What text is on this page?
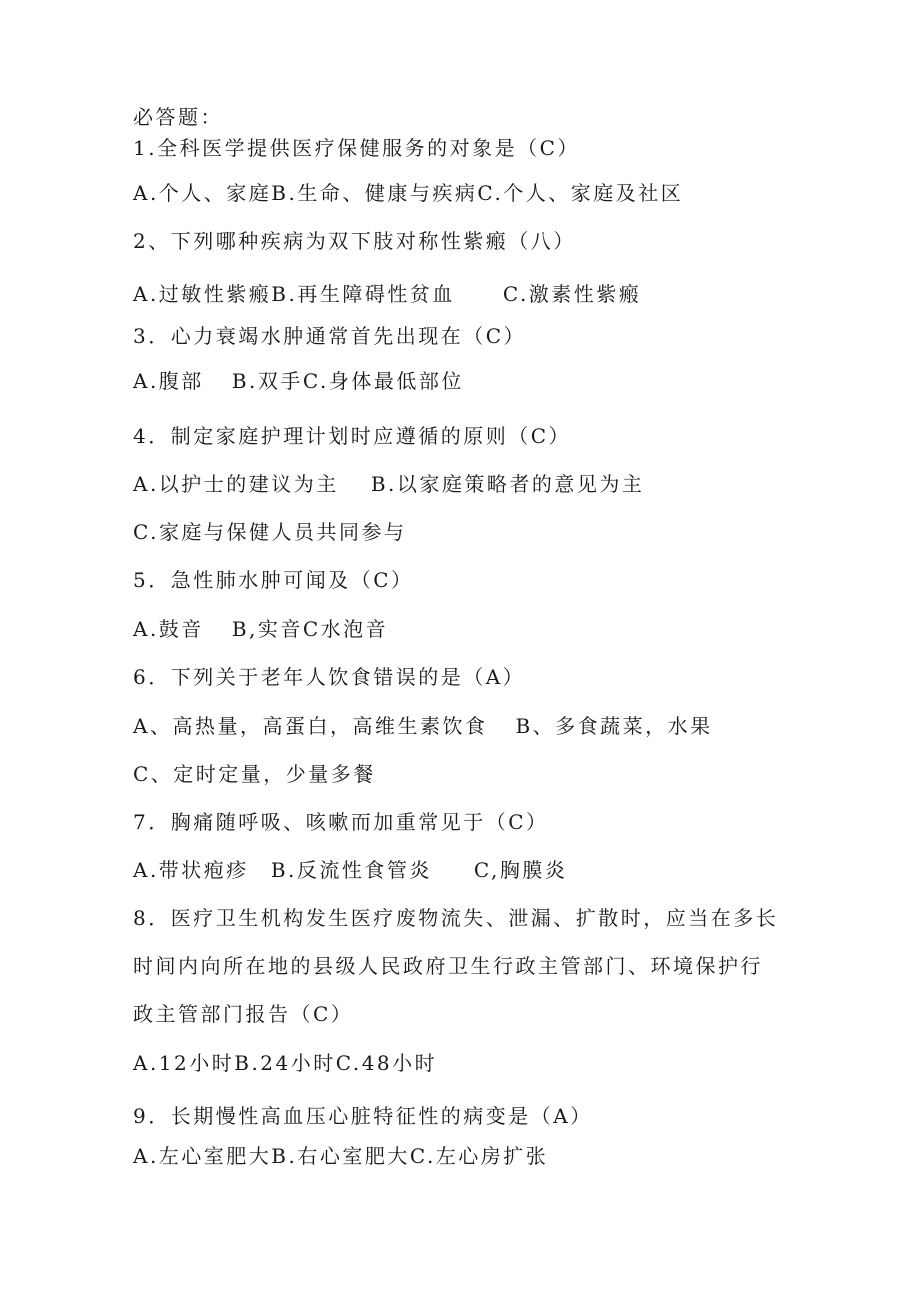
必答题：

1.全科医学提供医疗保健服务的对象是（C）

A.个人、家庭B.生命、健康与疾病C.个人、家庭及社区

2、下列哪种疾病为双下肢对称性紫瘢（八）

A.过敏性紫瘢B.再生障碍性贫血 C.激素性紫瘢

3．心力衰竭水肿通常首先出现在（C）

A.腹部 B.双手C.身体最低部位

4．制定家庭护理计划时应遵循的原则（C）

A.以护士的建议为主 B.以家庭策略者的意见为主

C.家庭与保健人员共同参与

5．急性肺水肿可闻及（C）

A.鼓音 B,实音C水泡音

6．下列关于老年人饮食错误的是（A）

A、高热量，高蛋白，高维生素饮食 B、多食蔬菜，水果

C、定时定量，少量多餐

7．胸痛随呼吸、咳嗽而加重常见于（C）

A.带状疱疹 B.反流性食管炎 C,胸膜炎

8．医疗卫生机构发生医疗废物流失、泄漏、扩散时，应当在多长

时间内向所在地的县级人民政府卫生行政主管部门、环境保护行

政主管部门报告（C）

A.12小时B.24小时C.48小时

9．长期慢性高血压心脏特征性的病变是（A）

A.左心室肥大B.右心室肥大C.左心房扩张
